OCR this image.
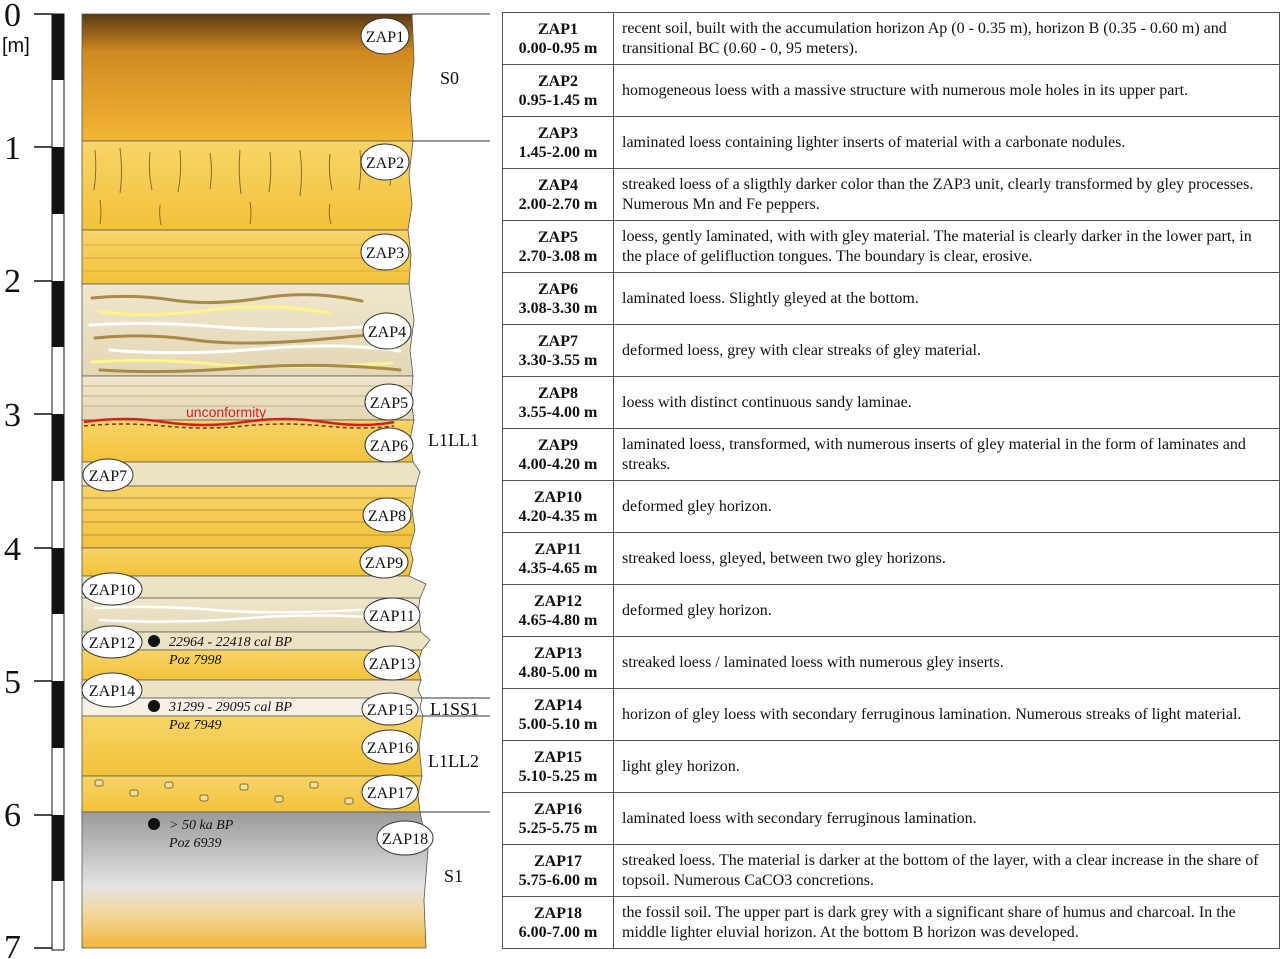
0
1
2
3
4
5
6
7
[m]
unconformity
S0
L1LL1
L1SS1
L1LL2
S1
ZAP1
ZAP2
ZAP3
ZAP4
ZAP5
ZAP6
ZAP7
ZAP8
ZAP9
ZAP10
ZAP11
ZAP12
ZAP13
ZAP14
ZAP15
ZAP16
ZAP17
ZAP18
22964 - 22418 cal BP
Poz 7998
31299 - 29095 cal BP
Poz 7949
> 50 ka BP
Poz 6939
ZAP1
0.00-0.95 m	recent soil, built with the accumulation horizon Ap (0 - 0.35 m), horizon B (0.35 - 0.60 m) and transitional BC (0.60 - 0, 95 meters).

ZAP2
0.95-1.45 m	homogeneous loess with a massive structure with numerous mole holes in its upper part.

ZAP3
1.45-2.00 m	laminated loess containing lighter inserts of material with a carbonate nodules.

ZAP4
2.00-2.70 m	streaked loess of a sligthly darker color than the ZAP3 unit, clearly transformed by gley processes. Numerous Mn and Fe peppers.

ZAP5
2.70-3.08 m	loess, gently laminated, with with gley material. The material is clearly darker in the lower part, in the place of gelifluction tongues. The boundary is clear, erosive.

ZAP6
3.08-3.30 m	laminated loess. Slightly gleyed at the bottom.

ZAP7
3.30-3.55 m	deformed loess, grey with clear streaks of gley material.

ZAP8
3.55-4.00 m	loess with distinct continuous sandy laminae.

ZAP9
4.00-4.20 m	laminated loess, transformed, with numerous inserts of gley material in the form of laminates and streaks.

ZAP10
4.20-4.35 m	deformed gley horizon.

ZAP11
4.35-4.65 m	streaked loess, gleyed, between two gley horizons.

ZAP12
4.65-4.80 m	deformed gley horizon.

ZAP13
4.80-5.00 m	streaked loess / laminated loess with numerous gley inserts.

ZAP14
5.00-5.10 m	horizon of gley loess with secondary ferruginous lamination. Numerous streaks of light material.

ZAP15
5.10-5.25 m	light gley horizon.

ZAP16
5.25-5.75 m	laminated loess with secondary ferruginous lamination.

ZAP17
5.75-6.00 m	streaked loess. The material is darker at the bottom of the layer, with a clear increase in the share of topsoil. Numerous CaCO3 concretions.

ZAP18
6.00-7.00 m	the fossil soil. The upper part is dark grey with a significant share of humus and charcoal. In the middle lighter eluvial horizon. At the bottom B horizon was developed.
